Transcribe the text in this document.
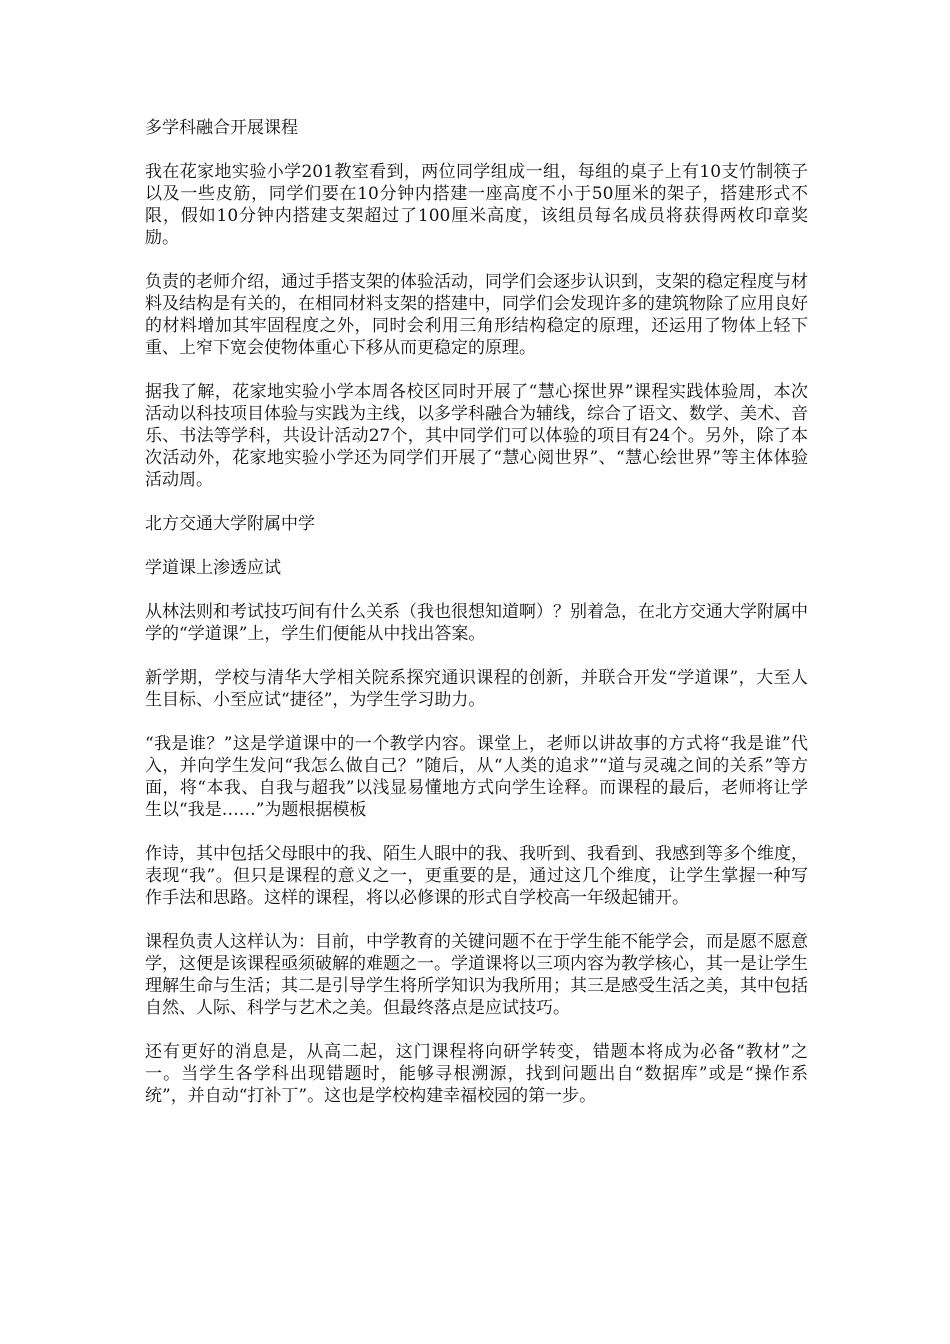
多学科融合开展课程

我在花家地实验小学201教室看到，两位同学组成一组，每组的桌子上有10支竹制筷子以及一些皮筋，同学们要在10分钟内搭建一座高度不小于50厘米的架子，搭建形式不限，假如10分钟内搭建支架超过了100厘米高度，该组员每名成员将获得两枚印章奖励。

负责的老师介绍，通过手搭支架的体验活动，同学们会逐步认识到，支架的稳定程度与材料及结构是有关的，在相同材料支架的搭建中，同学们会发现许多的建筑物除了应用良好的材料增加其牢固程度之外，同时会利用三角形结构稳定的原理，还运用了物体上轻下重、上窄下宽会使物体重心下移从而更稳定的原理。

据我了解，花家地实验小学本周各校区同时开展了“慧心探世界”课程实践体验周，本次活动以科技项目体验与实践为主线，以多学科融合为辅线，综合了语文、数学、美术、音乐、书法等学科，共设计活动27个，其中同学们可以体验的项目有24个。另外，除了本次活动外，花家地实验小学还为同学们开展了“慧心阅世界”、“慧心绘世界”等主体体验活动周。

北方交通大学附属中学

学道课上渗透应试

从林法则和考试技巧间有什么关系（我也很想知道啊）？别着急，在北方交通大学附属中学的“学道课”上，学生们便能从中找出答案。

新学期，学校与清华大学相关院系探究通识课程的创新，并联合开发“学道课”，大至人生目标、小至应试“捷径”，为学生学习助力。

“我是谁？”这是学道课中的一个教学内容。课堂上，老师以讲故事的方式将“我是谁”代入，并向学生发问“我怎么做自己？”随后，从“人类的追求”“道与灵魂之间的关系”等方面，将“本我、自我与超我”以浅显易懂地方式向学生诠释。而课程的最后，老师将让学生以“我是……”为题根据模板

作诗，其中包括父母眼中的我、陌生人眼中的我、我听到、我看到、我感到等多个维度，表现“我”。但只是课程的意义之一，更重要的是，通过这几个维度，让学生掌握一种写作手法和思路。这样的课程，将以必修课的形式自学校高一年级起铺开。

课程负责人这样认为：目前，中学教育的关键问题不在于学生能不能学会，而是愿不愿意学，这便是该课程亟须破解的难题之一。学道课将以三项内容为教学核心，其一是让学生理解生命与生活；其二是引导学生将所学知识为我所用；其三是感受生活之美，其中包括自然、人际、科学与艺术之美。但最终落点是应试技巧。

还有更好的消息是，从高二起，这门课程将向研学转变，错题本将成为必备“教材”之一。当学生各学科出现错题时，能够寻根溯源，找到问题出自“数据库”或是“操作系统”，并自动“打补丁”。这也是学校构建幸福校园的第一步。
